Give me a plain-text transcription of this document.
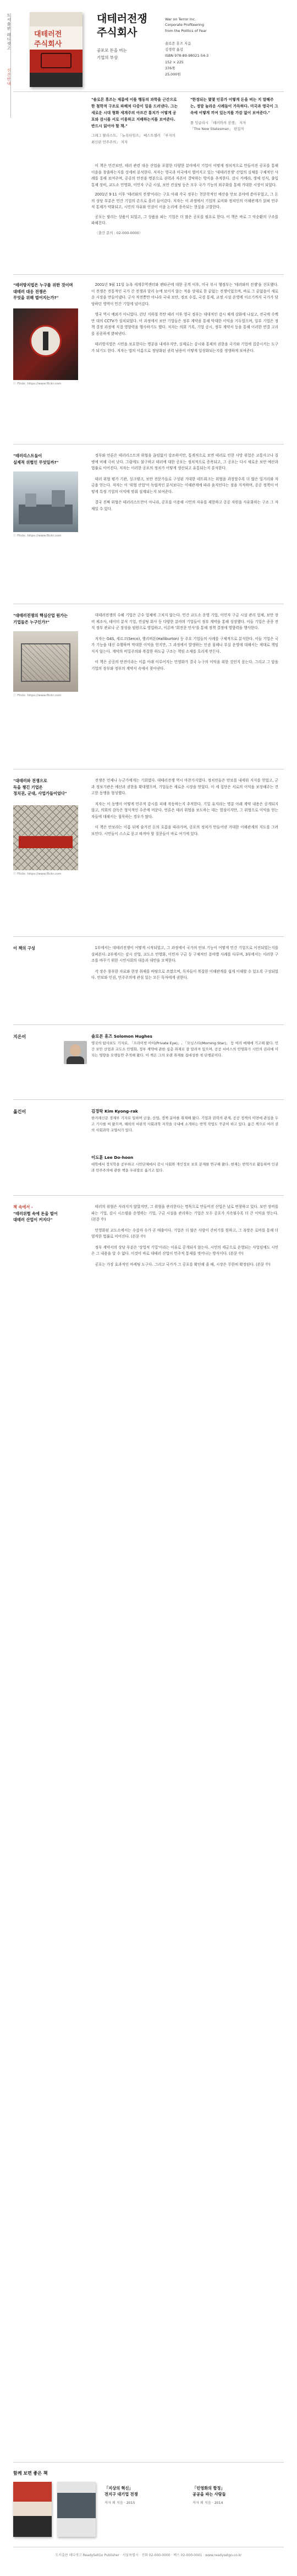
도서출판 레디셋고
신간안내
대테러전
주식회사
대테러전쟁
주식회사
공포로 돈을 버는
기업의 부상
War on Terror Inc.
Corporate Profiteering
from the Politics of Fear
솔로몬 휴즈 지음
김경락 옮김
ISBN 978-89-98021-54-3
152 × 225
376쪽
25,000원
"솔로몬 휴즈는 제롬에 이를 행동의 과학을 근간으로 한 철학적 구조로 파헤쳐 다중이 밀을 드러낸다. 그는 새로운 시대 형화 세계주의 아프간 통치가 어떻게 공포와 감시를 서로 이용하고 지배하는지를 보여준다. 반드시 읽어야 할 책."
그레그 팔라스트, 「뉴욕타임즈」 베스트셀러 「부자의 최신판 민주주의」 저자
"한정되는 몇몇 인류가 어떻게 돈을 버는 지 말해주는, 정말 놀라운 사례들이 가득하다. 미국과 영국이 그 속에 어떻게 끼여 있는지를 가감 없이 보여준다."
폴 잉글리시 「테러와의 전쟁」 저자
「The New Statesman」 편집자

이 책은 민간보안, 테러 관련 대응 산업을 포함한 다양한 분야에서 기업이 어떻게 정치적으로 만들어진 공포를 통해 이윤을 창출하는지를 상세히 분석한다. 저자는 영국과 미국에서 벌어지고 있는 '대테러전쟁' 산업의 실체를 구체적인 사례를 통해 보여주며, 공공의 안전을 명분으로 권력과 자본이 결탁하는 방식을 추적한다. 감시 카메라, 생체 인식, 출입 통제 장비, 교도소 민영화, 이민자 구금 시설, 보안 컨설팅 등은 모두 국가 기능의 외주화를 통해 거대한 시장이 되었다.

2001년 9·11 이후 '테러와의 전쟁'이라는 구호 아래 각국 정부는 천문학적인 예산을 안보 분야에 쏟아부었고, 그 돈의 상당 부분은 민간 기업의 손으로 흘러 들어갔다. 저자는 이 과정에서 기업의 로비와 정치인의 이해관계가 얽혀 민주적 통제가 약화되고, 시민의 자유와 인권이 이윤 논리에 종속되는 현실을 고발한다.

공포는 팔리는 상품이 되었고, 그 상품을 파는 기업은 더 많은 공포를 필요로 한다. 이 책은 바로 그 악순환의 구조를 파헤친다.

〈출간 문의 : 02-000-0000〉

"테러방지법은 누구를 위한 것이며
대테러 대응 전쟁은
무엇을 위해 벌어지는가?"
ⓒ Flickr. https://www.flickr.com

2001년 9월 11일 뉴욕 세계무역센터와 펜타곤에 대한 공격 이후, 미국 부시 행정부는 '테러와의 전쟁'을 선포했다. 이 전쟁은 전통적인 국가 간 전쟁과 달리 눈에 보이지 않는 적을 상대로 한 끝없는 전쟁이었으며, 바로 그 끝없음이 새로운 시장을 만들어냈다. 군사 작전뿐만 아니라 국내 보안, 정보 수집, 국경 통제, 교정 시설 운영에 이르기까지 국가가 담당하던 영역이 민간 기업에 넘어갔다.

영국 역시 예외가 아니었다. 런던 지하철 폭탄 테러 이후 영국 정부는 대대적인 감시 체계 강화에 나섰고, 전국에 수백만 대의 CCTV가 설치되었다. 이 과정에서 보안 기업들은 정부 계약을 통해 막대한 이익을 거두었으며, 일부 기업은 정책 결정 과정에 직접 영향력을 행사하기도 했다. 저자는 의회 기록, 기업 공시, 정부 계약서 등을 통해 이러한 연결 고리를 꼼꼼하게 밝혀낸다.

테러방지법은 시민을 보호한다는 명분을 내세우지만, 실제로는 감시와 통제의 권한을 국가와 기업에 집중시키는 도구가 되기도 한다. 저자는 법의 이름으로 정당화된 권력 남용이 어떻게 일상화되는지를 생생하게 보여준다.

"테러리스트들이
실제적 위협인 무엇일까?"
ⓒ Flickr. https://www.flickr.com

정부와 언론은 테러리스트의 위협을 끊임없이 강조하지만, 통계적으로 보면 테러로 인한 사망 위험은 교통사고나 질병에 비해 극히 낮다. 그럼에도 불구하고 테러에 대한 공포는 정치적으로 증폭되고, 그 공포는 다시 새로운 보안 예산과 법률로 이어진다. 저자는 이러한 공포의 정치가 어떻게 생산되고 유통되는지 분석한다.

테러 위협 평가 기관, 싱크탱크, 보안 전문가들로 구성된 거대한 네트워크는 위협을 과장할수록 더 많은 일거리와 자금을 얻는다. 저자는 이 '위협 산업'이 독립적인 분석보다는 이해관계에 따라 움직인다는 점을 지적하며, 공공 정책이 어떻게 특정 기업의 이익에 맞춰 설계되는지 보여준다.

결국 진짜 위협은 테러리스트만이 아니라, 공포를 이용해 시민의 자유를 제한하고 공공 자원을 사유화하는 구조 그 자체일 수 있다.

"대테러전쟁의 핵심산업 원가는
기업들은 누구인가?"
ⓒ Flickr. https://www.flickr.com

대테러전쟁의 수혜 기업은 군수 업체에 그치지 않는다. 민간 교도소 운영 기업, 이민자 구금 시설 관리 업체, 보안 장비 제조사, 데이터 분석 기업, 컨설팅 회사 등 다양한 분야의 기업들이 정부 계약을 통해 성장했다. 이들 기업은 종종 전직 정부 관료나 군 장성을 임원으로 영입하고, 이른바 '회전문 인사'를 통해 정책 결정에 영향력을 행사한다.

저자는 G4S, 세르코(Serco), 핼리버튼(Halliburton) 등 주요 기업들의 사례를 구체적으로 분석한다. 이들 기업은 국가 기능을 대신 수행하며 막대한 이익을 얻지만, 그 과정에서 발생하는 인권 침해나 부실 운영에 대해서는 제대로 책임지지 않는다. 계약의 비밀주의와 복잡한 하도급 구조는 책임 소재를 흐리게 만든다.

이 책은 공공의 안전이라는 이름 아래 이루어지는 민영화가 결국 누구의 이익을 위한 것인지 묻는다. 그리고 그 답을 기업의 장부와 정부의 계약서 속에서 찾아낸다.

"대테러와 전쟁으로
득을 챙긴 기업은
정치권, 군대, 사업가들이었다"
ⓒ Flickr. https://www.flickr.com

전쟁은 언제나 누군가에게는 기회였다. 대테러전쟁 역시 마찬가지였다. 정치인들은 안보를 내세워 지지를 얻었고, 군과 정보기관은 예산과 권한을 확대했으며, 기업들은 새로운 시장을 얻었다. 이 세 집단은 서로의 이익을 보장해주는 견고한 동맹을 형성했다.

저자는 이 동맹이 어떻게 민주적 감시를 피해 작동하는지 추적한다. 기밀 유지라는 명분 아래 계약 내용은 공개되지 않고, 의회의 감독은 형식적인 수준에 머문다. 언론은 테러 위협을 보도하는 데는 열심이지만, 그 위협으로 이익을 얻는 자들에 대해서는 침묵하는 경우가 많다.

이 책은 안보라는 이름 뒤에 숨겨진 돈의 흐름을 따라가며, 공포의 정치가 만들어낸 거대한 이해관계의 지도를 그려 보인다. 시민들이 스스로 묻고 따져야 할 질문들이 바로 여기에 있다.

이 책의 구성	1부에서는 대테러전쟁이 어떻게 시작되었고, 그 과정에서 국가의 안보 기능이 어떻게 민간 기업으로 이전되었는지를 살펴본다. 2부에서는 감시 산업, 교도소 민영화, 이민자 구금 등 구체적인 분야별 사례를 다루며, 3부에서는 이러한 구조를 바꾸기 위한 시민사회의 대응과 대안을 모색한다.

각 장은 풍부한 자료와 현장 취재를 바탕으로 쓰였으며, 독자들이 복잡한 이해관계를 쉽게 이해할 수 있도록 구성되었다. 안보와 인권, 민주주의에 관심 있는 모든 독자에게 권한다.

지은이	솔로몬 휴즈 Solomon Hughes

영국의 탐사보도 기자로, 「프라이빗 아이(Private Eye)」, 「모닝스타(Morning Star)」 등 여러 매체에 기고해 왔다. 민간 보안 산업과 교도소 민영화, 정부 계약에 관한 심층 취재로 잘 알려져 있으며, 공공 서비스의 민영화가 시민의 권리에 미치는 영향을 오랫동안 추적해 왔다. 이 책은 그의 오랜 취재를 집대성한 첫 단행본이다.

옮긴이	김경락 Kim Kyong-rak

한겨레신문 경제부 기자로 일하며 금융, 산업, 정책 분야를 취재해 왔다. 기업과 권력의 관계, 공공 정책의 이면에 관심을 두고 기사를 써 왔으며, 해외의 비판적 사회과학 저작을 국내에 소개하는 번역 작업도 꾸준히 하고 있다. 옮긴 책으로 여러 권의 사회과학 교양서가 있다.

이도훈 Lee Do-hoon

대학에서 정치학을 공부하고 시민단체에서 감시 사회와 개인정보 보호 문제를 연구해 왔다. 현재는 번역가로 활동하며 인권과 민주주의에 관한 책을 우리말로 옮기고 있다.

책 속에서 -
"테러위협 속에 돈을 벌어
대테러 산업이 커지다"

테러의 위협은 사라지지 않았지만, 그 위협을 관리한다는 명목으로 만들어진 산업은 날로 번창하고 있다. 보안 장비를 파는 기업, 감시 시스템을 운영하는 기업, 구금 시설을 관리하는 기업은 모두 공포가 지속될수록 더 큰 이익을 얻는다. (본문 中)

민영화된 교도소에서는 수감자 수가 곧 매출이다. 기업은 더 많은 사람이 갇히기를 원하고, 그 욕망은 로비를 통해 더 엄격한 법률로 이어진다. (본문 中)

정부 계약서의 상당 부분은 '상업적 기밀'이라는 이유로 공개되지 않는다. 시민의 세금으로 운영되는 사업임에도 시민은 그 내용을 알 수 없다. 이것이 바로 대테러 산업이 민주적 통제를 벗어나는 방식이다. (본문 中)

공포는 가장 효과적인 마케팅 도구다. 그리고 국가가 그 공포를 확인해 줄 때, 시장은 무한히 확장된다. (본문 中)

함께 보면 좋은 책
「지상의 혁신」
전지구 대기업 전쟁
저자 외 지음 · 2015
「민영화의 함정」
공공을 파는 사람들
저자 외 지음 · 2014
도서출판 레디셋고 ReadySetGo Publisher · 서울특별시 · 전화 02-000-0000 · 팩스 02-000-0001 · www.readysetgo.co.kr
